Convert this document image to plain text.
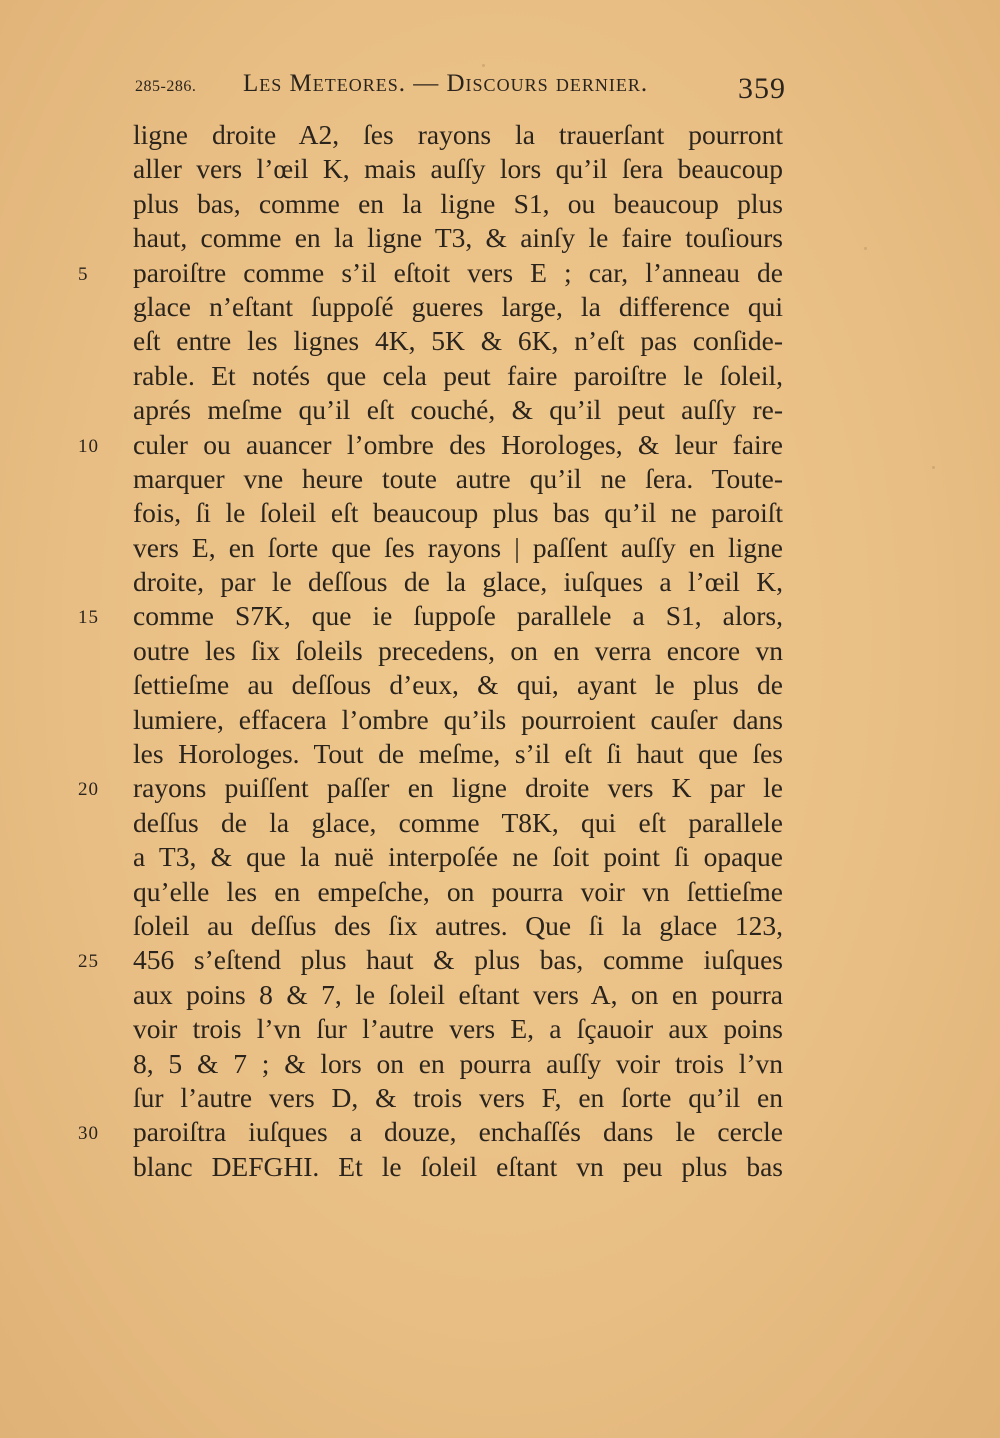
285-286. Les Meteores. — Discours dernier.	359
ligne droite A2, ſes rayons la trauerſant pourront
aller vers l’œil K, mais auſſy lors qu’il ſera beaucoup
plus bas, comme en la ligne S1, ou beaucoup plus
haut, comme en la ligne T3, & ainſy le faire touſiours
5	paroiſtre comme s’il eſtoit vers E ; car, l’anneau de
glace n’eſtant ſuppoſé gueres large, la difference qui
eſt entre les lignes 4K, 5K & 6K, n’eſt pas conſide-
rable. Et notés que cela peut faire paroiſtre le ſoleil,
aprés meſme qu’il eſt couché, & qu’il peut auſſy re-
10	culer ou auancer l’ombre des Horologes, & leur faire
marquer vne heure toute autre qu’il ne ſera. Toute-
fois, ſi le ſoleil eſt beaucoup plus bas qu’il ne paroiſt
vers E, en ſorte que ſes rayons | paſſent auſſy en ligne
droite, par le deſſous de la glace, iuſques a l’œil K,
15	comme S7K, que ie ſuppoſe parallele a S1, alors,
outre les ſix ſoleils precedens, on en verra encore vn
ſettieſme au deſſous d’eux, & qui, ayant le plus de
lumiere, effacera l’ombre qu’ils pourroient cauſer dans
les Horologes. Tout de meſme, s’il eſt ſi haut que ſes
20	rayons puiſſent paſſer en ligne droite vers K par le
deſſus de la glace, comme T8K, qui eſt parallele
a T3, & que la nuë interpoſée ne ſoit point ſi opaque
qu’elle les en empeſche, on pourra voir vn ſettieſme
ſoleil au deſſus des ſix autres. Que ſi la glace 123,
25	456 s’eſtend plus haut & plus bas, comme iuſques
aux poins 8 & 7, le ſoleil eſtant vers A, on en pourra
voir trois l’vn ſur l’autre vers E, a ſçauoir aux poins
8, 5 & 7 ; & lors on en pourra auſſy voir trois l’vn
ſur l’autre vers D, & trois vers F, en ſorte qu’il en
30	paroiſtra iuſques a douze, enchaſſés dans le cercle
blanc DEFGHI. Et le ſoleil eſtant vn peu plus bas
